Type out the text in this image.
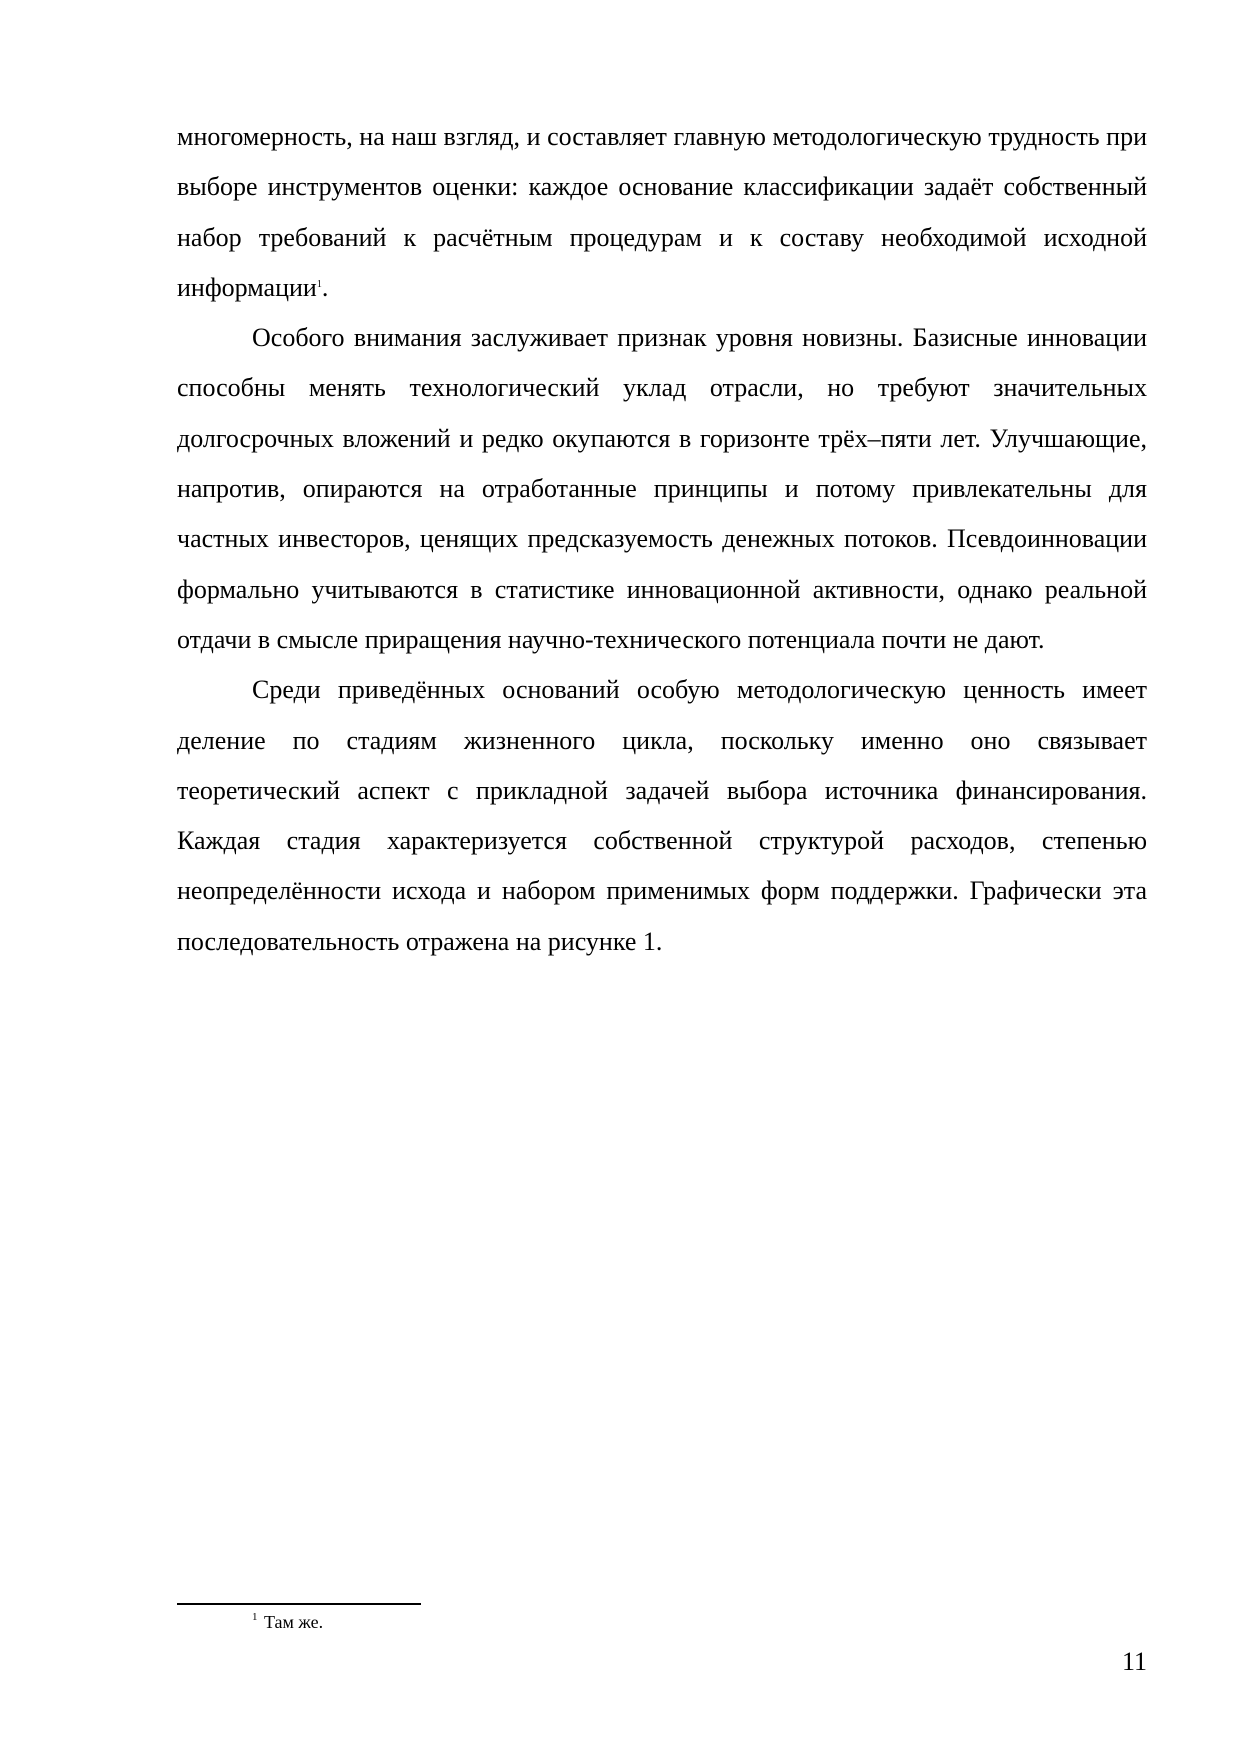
многомерность, на наш взгляд, и составляет главную методологическую трудность при выборе инструментов оценки: каждое основание классификации задаёт собственный набор требований к расчётным процедурам и к составу необходимой исходной информации$^1$.

Особого внимания заслуживает признак уровня новизны. Базисные инновации способны менять технологический уклад отрасли, но требуют значительных долгосрочных вложений и редко окупаются в горизонте трёх–пяти лет. Улучшающие, напротив, опираются на отработанные принципы и потому привлекательны для частных инвесторов, ценящих предсказуемость денежных потоков. Псевдоинновации формально учитываются в статистике инновационной активности, однако реальной отдачи в смысле приращения научно-технического потенциала почти не дают.

Среди приведённых оснований особую методологическую ценность имеет деление по стадиям жизненного цикла, поскольку именно оно связывает теоретический аспект с прикладной задачей выбора источника финансирования. Каждая стадия характеризуется собственной структурой расходов, степенью неопределённости исхода и набором применимых форм поддержки. Графически эта последовательность отражена на рисунке 1.

$^1$ Там же.
11
